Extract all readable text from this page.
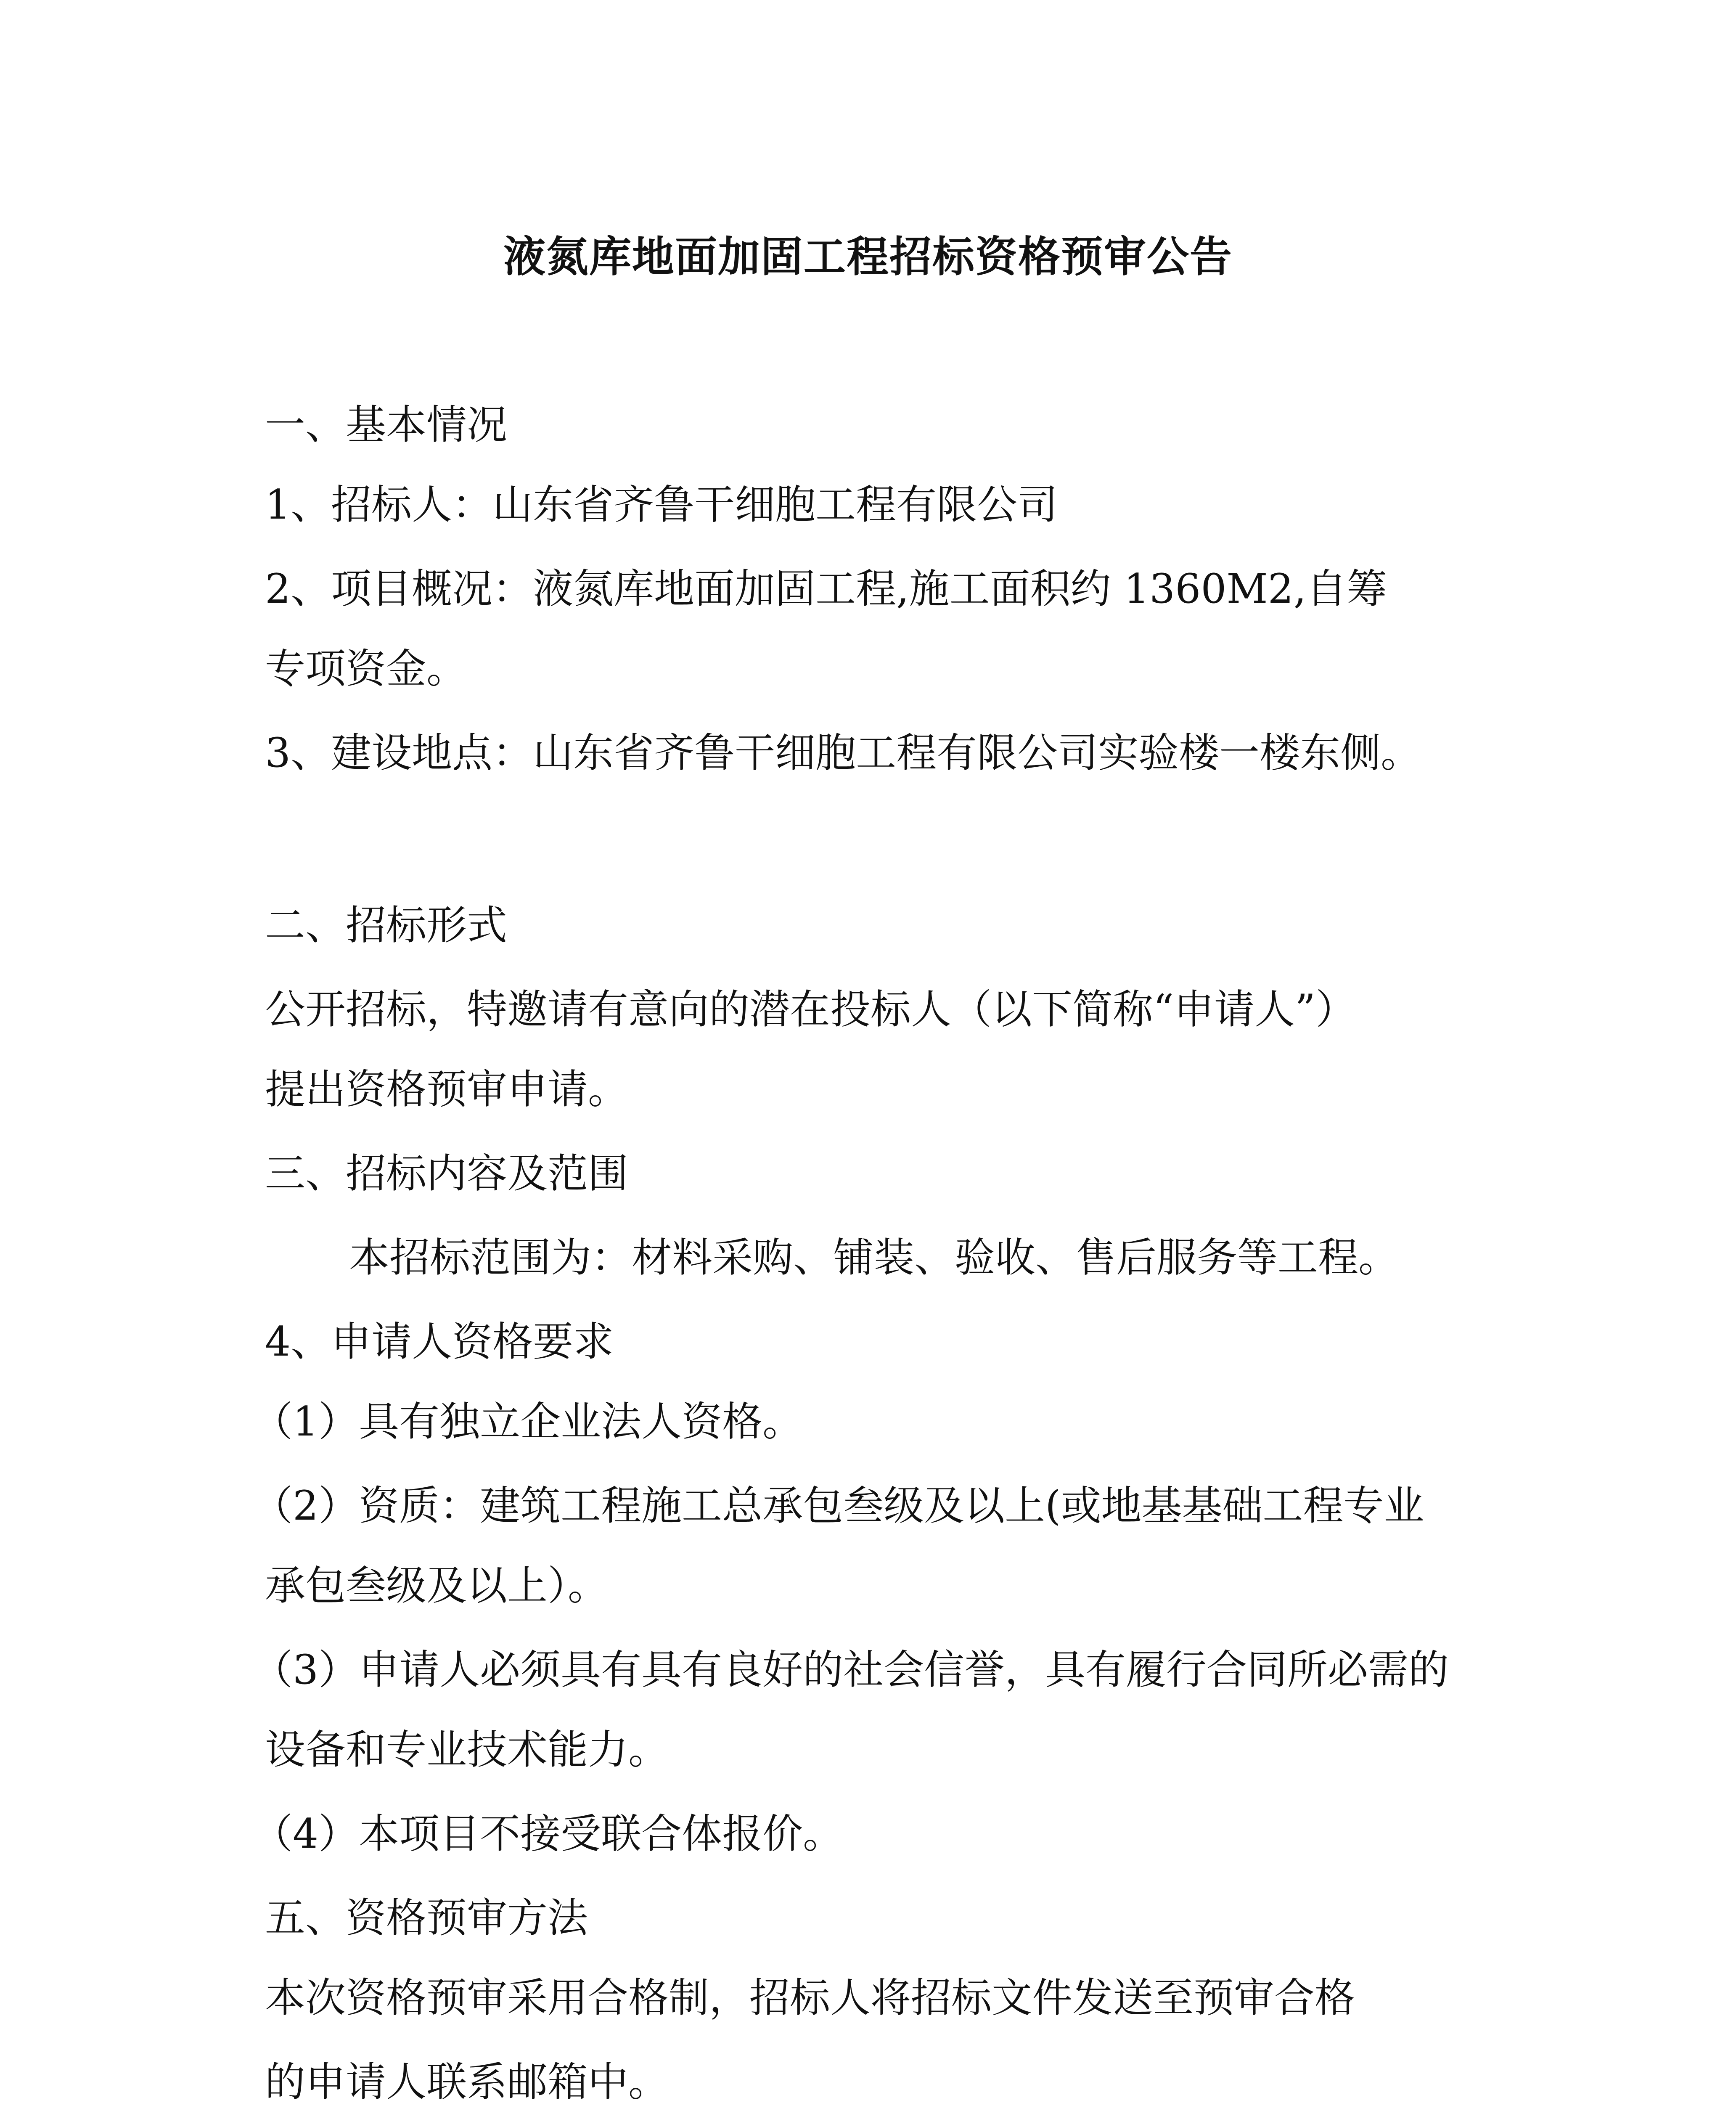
液氮库地面加固工程招标资格预审公告
一、基本情况
1、招标人：山东省齐鲁干细胞工程有限公司
2、项目概况：液氮库地面加固工程,施工面积约 1360M2,自筹
专项资金。
3、建设地点：山东省齐鲁干细胞工程有限公司实验楼一楼东侧。
二、招标形式
公开招标，特邀请有意向的潜在投标人（以下简称“申请人”）
提出资格预审申请。
三、招标内容及范围
本招标范围为：材料采购、铺装、验收、售后服务等工程。
4、申请人资格要求
（1）具有独立企业法人资格。
（2）资质：建筑工程施工总承包叁级及以上(或地基基础工程专业
承包叁级及以上）。
（3）申请人必须具有具有良好的社会信誉，具有履行合同所必需的
设备和专业技术能力。
（4）本项目不接受联合体报价。
五、资格预审方法
本次资格预审采用合格制，招标人将招标文件发送至预审合格
的申请人联系邮箱中。
